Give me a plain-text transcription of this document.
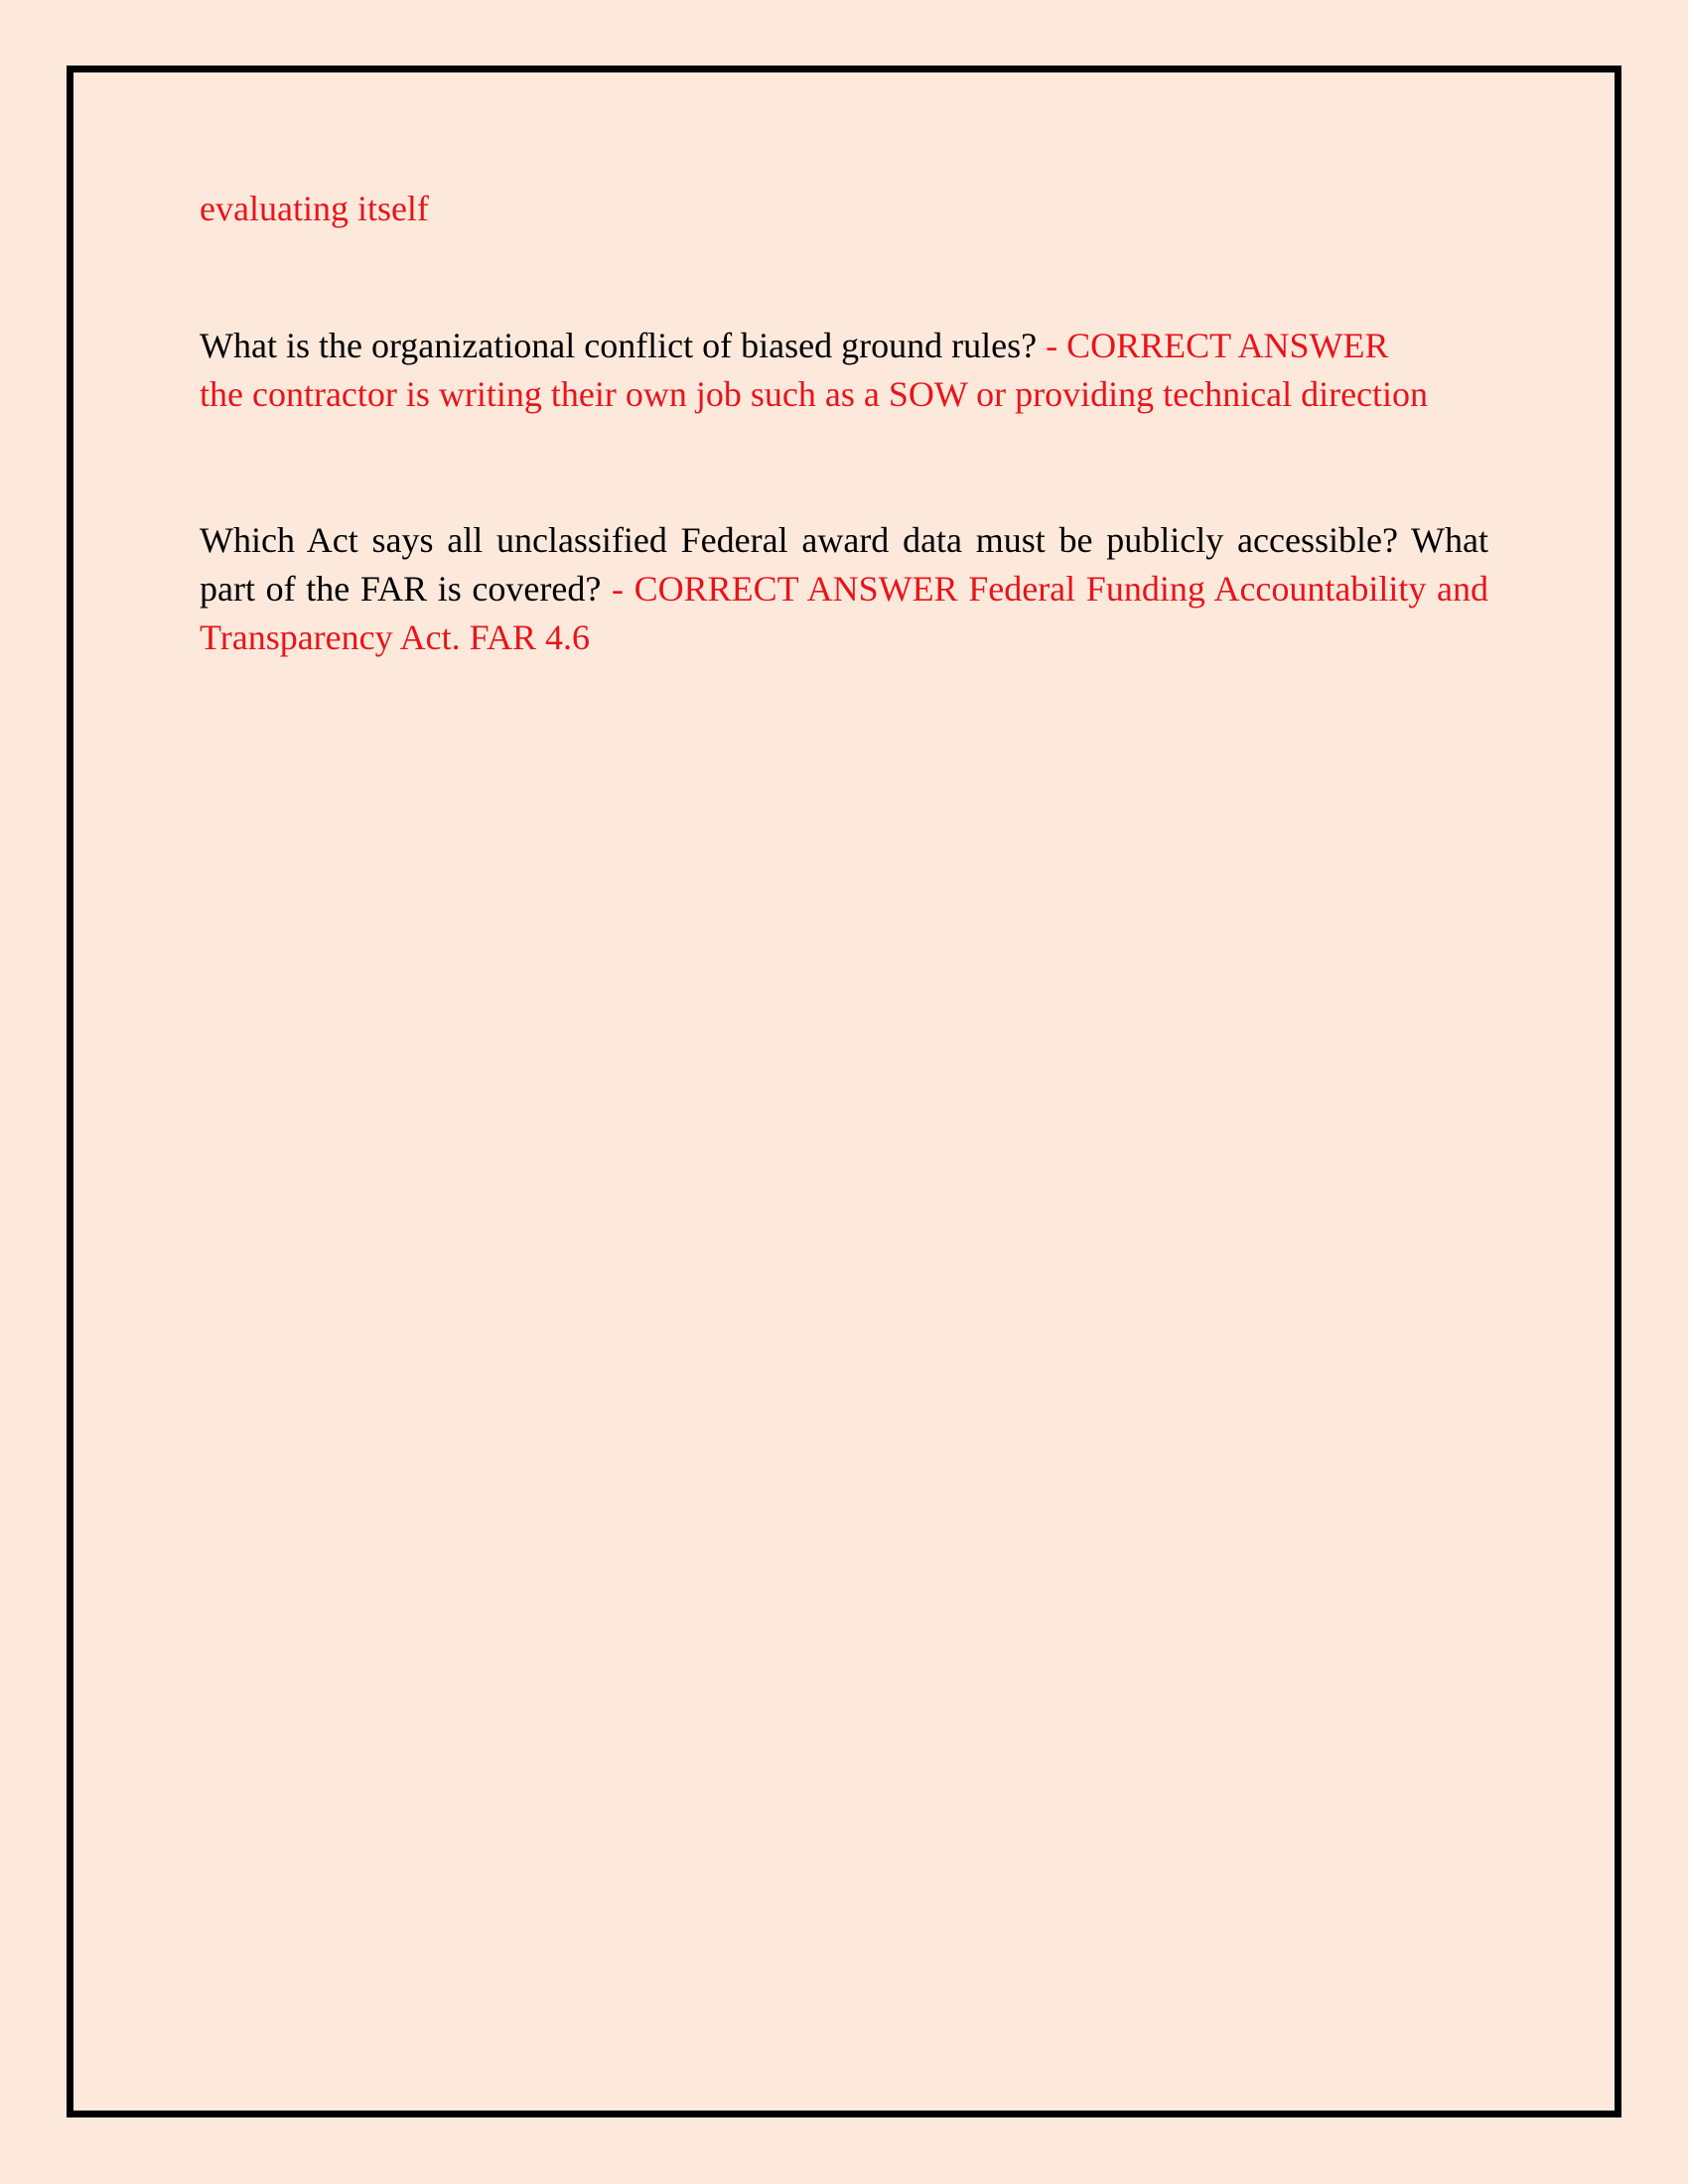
evaluating itself

What is the organizational conflict of biased ground rules? - CORRECT ANSWER the contractor is writing their own job such as a SOW or providing technical direction

Which Act says all unclassified Federal award data must be publicly accessible? What part of the FAR is covered? - CORRECT ANSWER Federal Funding Accountability and Transparency Act. FAR 4.6
